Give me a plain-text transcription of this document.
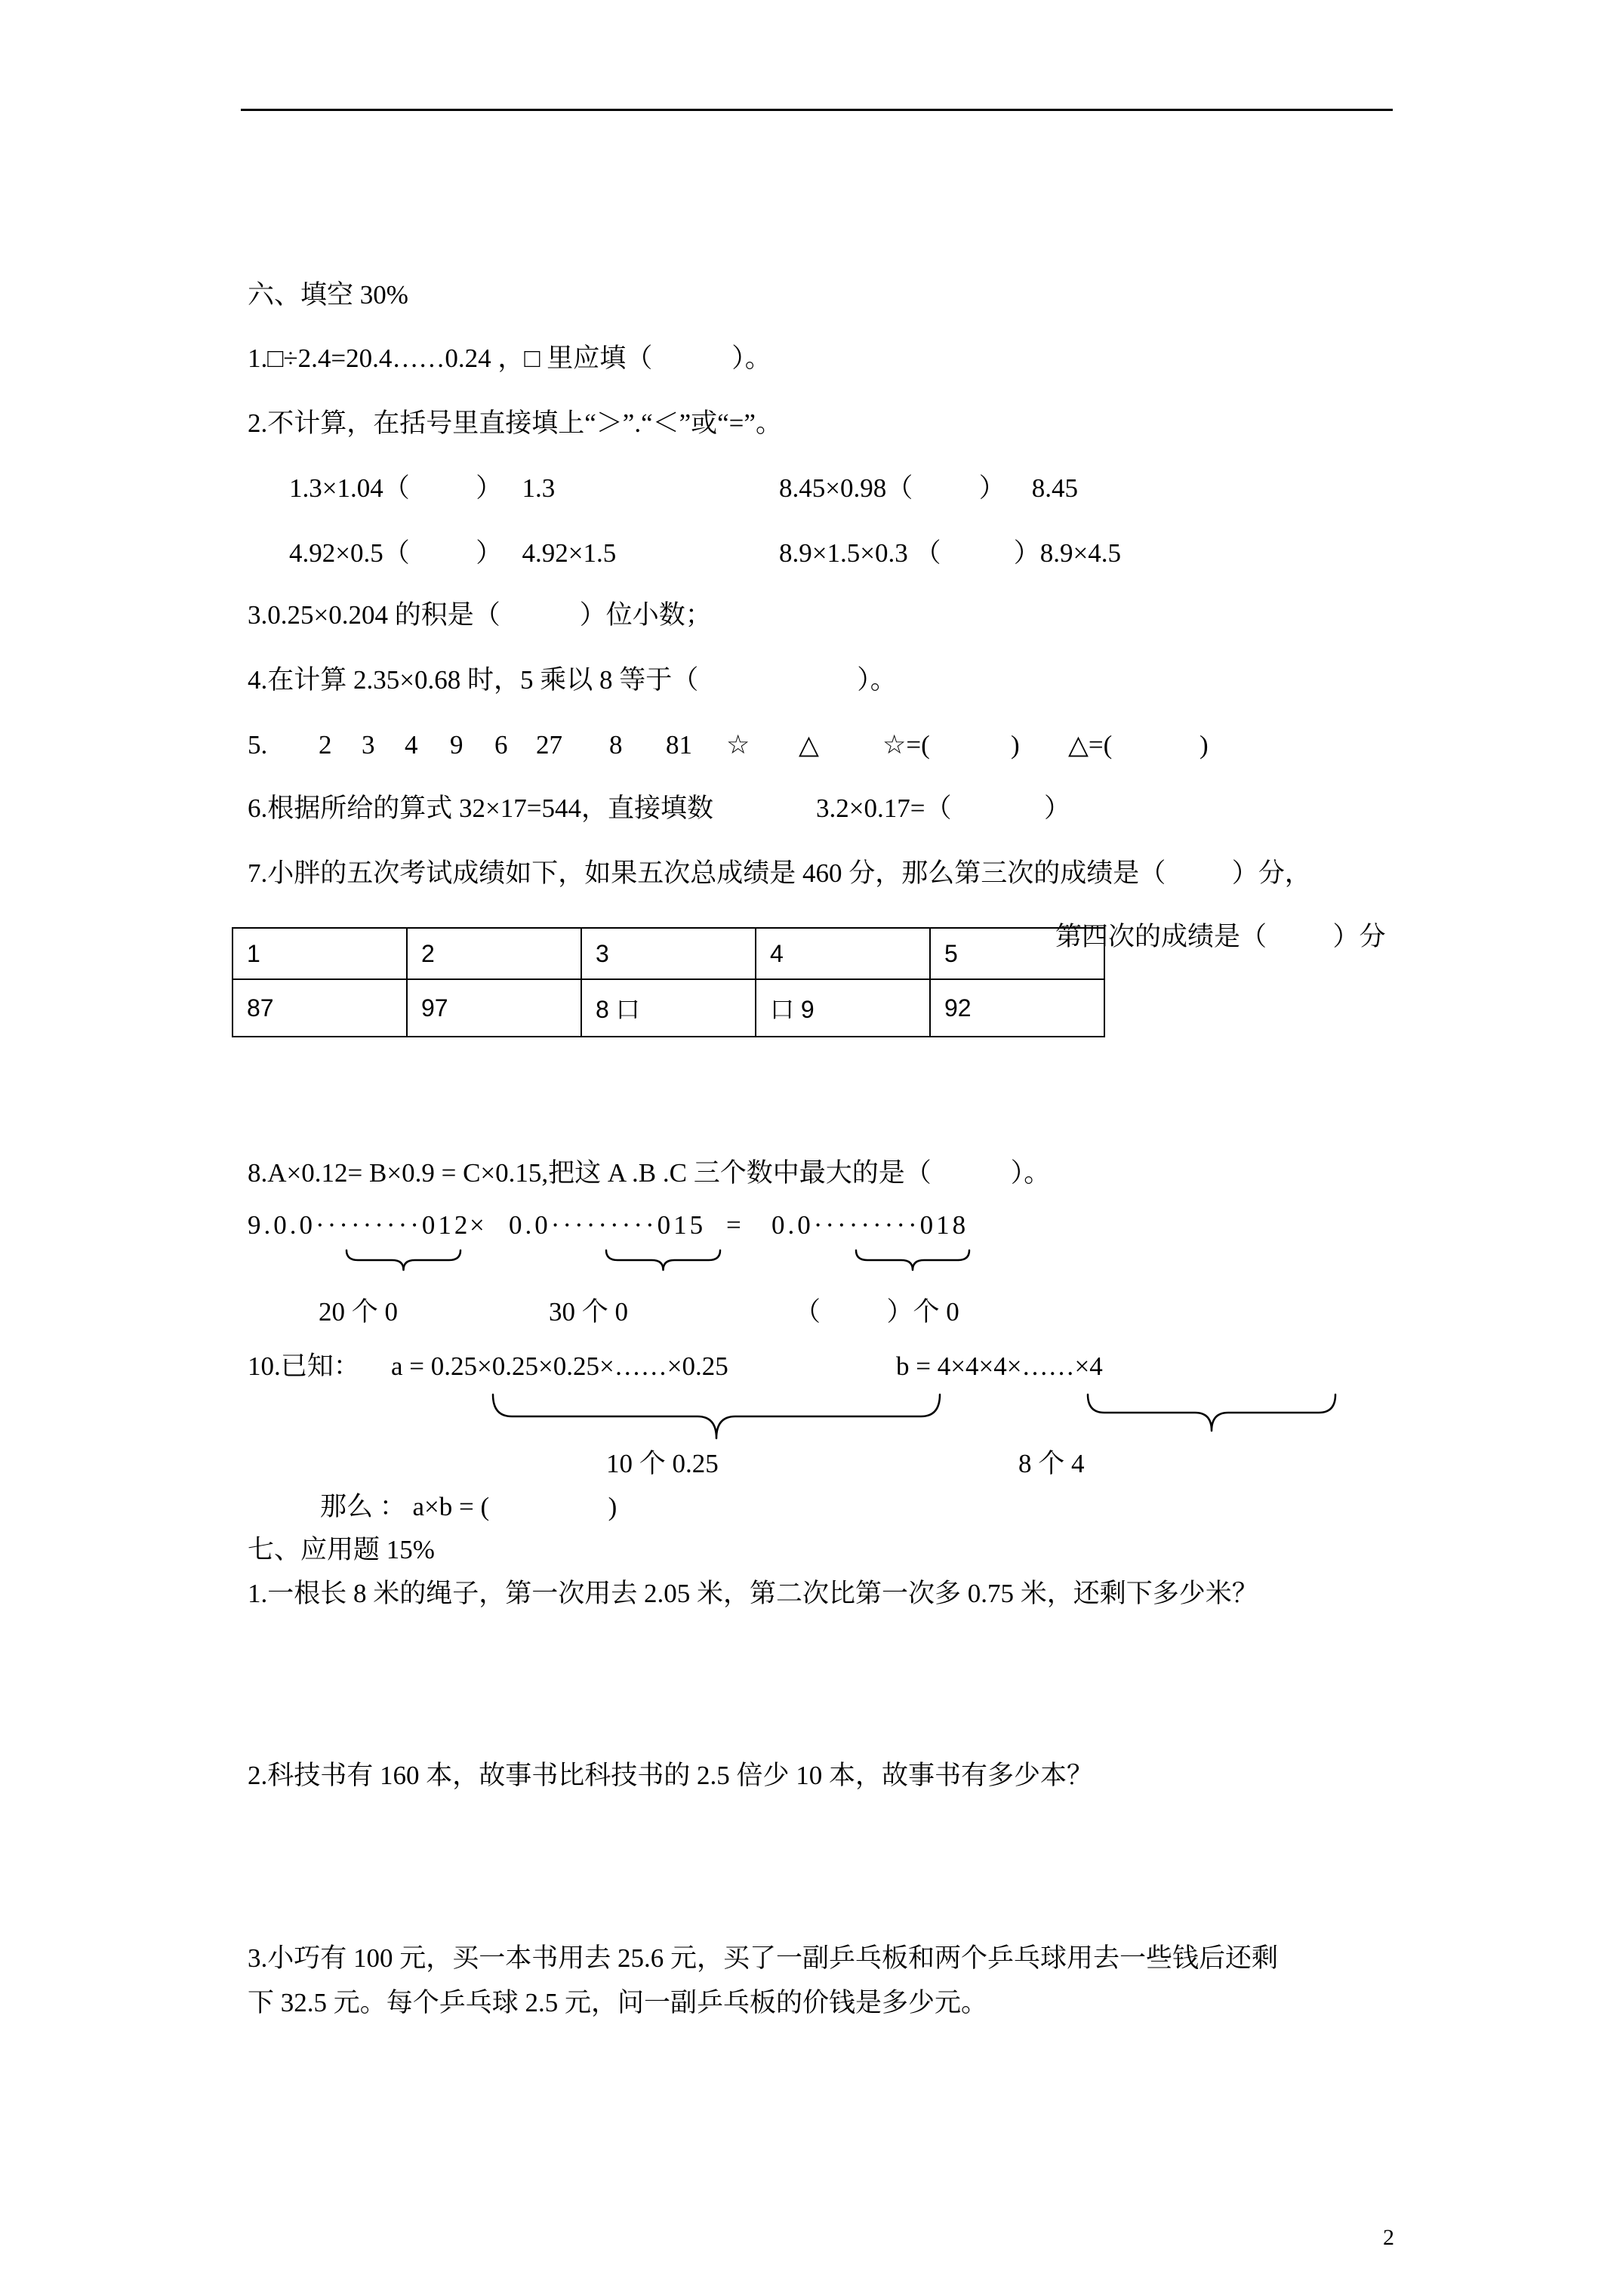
六、填空 30%
1.□÷2.4=20.4……0.24 ，□ 里应填（            ）。
2.不计算，在括号里直接填上“＞”.“＜”或“=”。
1.3×1.04（          ）   1.3	8.45×0.98（          ）    8.45
4.92×0.5（          ）   4.92×1.5	8.9×1.5×0.3 （           ）8.9×4.5
3.0.25×0.204 的积是（            ）位小数；
4.在计算 2.35×0.68 时，5 乘以 8 等于（                        ）。
5. 2 3 4 9 6 27 8 81 ☆ △ ☆=(	) △=(	)
6.根据所给的算式 32×17=544，直接填数	3.2×0.17=（              ）
7.小胖的五次考试成绩如下，如果五次总成绩是 460 分，那么第三次的成绩是（          ）分，
第四次的成绩是（          ）分
1	2	3	4	5
87	97	8 口	口 9	92
8.A×0.12= B×0.9 = C×0.15,把这 A .B .C 三个数中最大的是（            ）。
9.0.0·········012
× 0.0·········015 = 0.0·········018
20 个 0	30 个 0	（          ）个 0
10.已知： a = 0.25×0.25×0.25×……×0.25	b = 4×4×4×……×4
10 个 0.25	8 个 4
那么 ： a×b = (                  )
七、应用题 15%
1.一根长 8 米的绳子，第一次用去 2.05 米，第二次比第一次多 0.75 米，还剩下多少米？
2.科技书有 160 本，故事书比科技书的 2.5 倍少 10 本，故事书有多少本？
3.小巧有 100 元，买一本书用去 25.6 元，买了一副乒乓板和两个乒乓球用去一些钱后还剩
下 32.5 元。每个乒乓球 2.5 元，问一副乒乓板的价钱是多少元。
2
